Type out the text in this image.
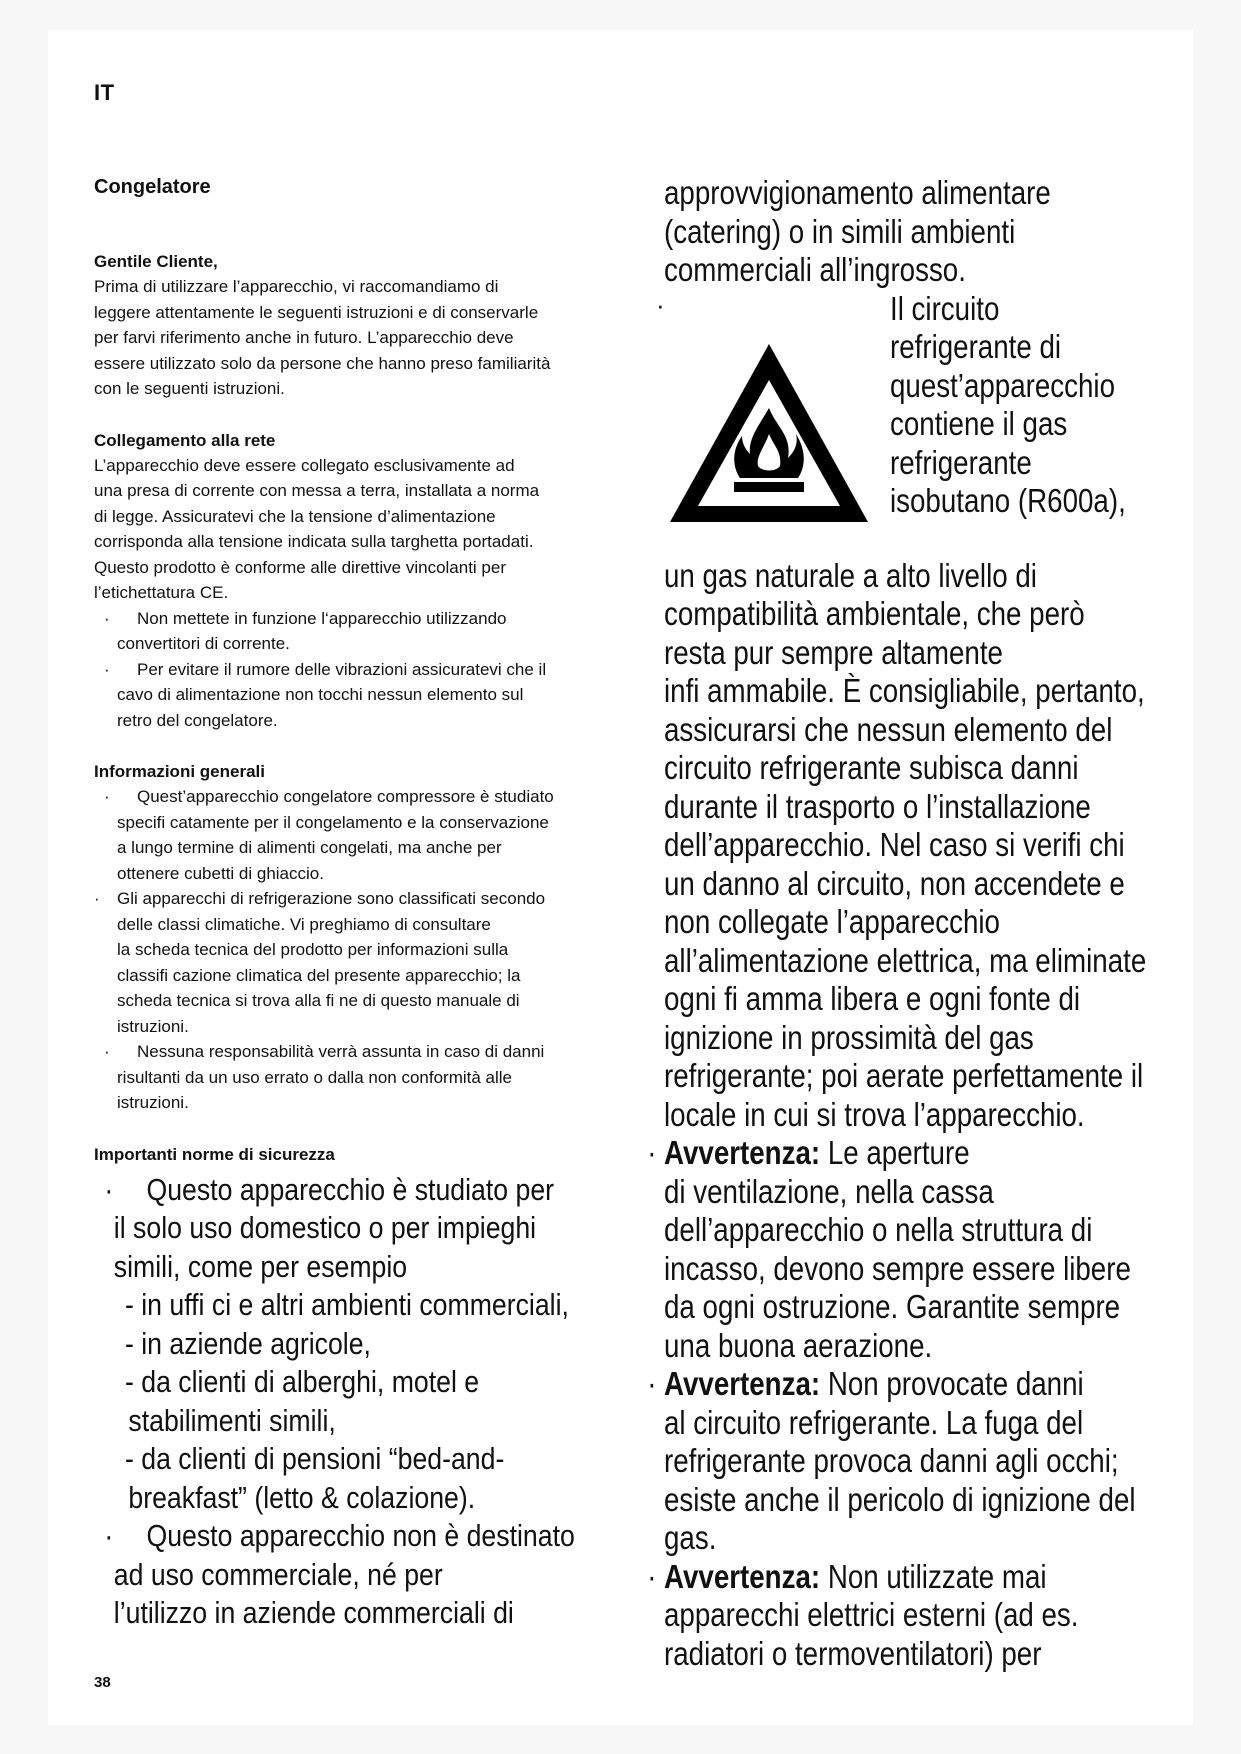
IT
Congelatore
Gentile Cliente,
Prima di utilizzare l’apparecchio, vi raccomandiamo di
leggere attentamente le seguenti istruzioni e di conservarle
per farvi riferimento anche in futuro. L’apparecchio deve
essere utilizzato solo da persone che hanno preso familiarità
con le seguenti istruzioni.
Collegamento alla rete
L’apparecchio deve essere collegato esclusivamente ad
una presa di corrente con messa a terra, installata a norma
di legge. Assicuratevi che la tensione d’alimentazione
corrisponda alla tensione indicata sulla targhetta portadati.
Questo prodotto è conforme alle direttive vincolanti per
l’etichettatura CE.
·	Non mettete in funzione l‘apparecchio utilizzando
convertitori di corrente.
·	Per evitare il rumore delle vibrazioni assicuratevi che il
cavo di alimentazione non tocchi nessun elemento sul
retro del congelatore.
Informazioni generali
·	Quest’apparecchio congelatore compressore è studiato
specifi catamente per il congelamento e la conservazione
a lungo termine di alimenti congelati, ma anche per
ottenere cubetti di ghiaccio.
· Gli apparecchi di refrigerazione sono classificati secondo
delle classi climatiche. Vi preghiamo di consultare
la scheda tecnica del prodotto per informazioni sulla
classifi cazione climatica del presente apparecchio; la
scheda tecnica si trova alla fi ne di questo manuale di
istruzioni.
·	Nessuna responsabilità verrà assunta in caso di danni
risultanti da un uso errato o dalla non conformità alle
istruzioni.
Importanti norme di sicurezza
·	Questo apparecchio è studiato per
il solo uso domestico o per impieghi
simili, come per esempio
- in uffi ci e altri ambienti commerciali,
- in aziende agricole,
- da clienti di alberghi, motel e
stabilimenti simili,
- da clienti di pensioni “bed-and-
breakfast” (letto & colazione).
·	Questo apparecchio non è destinato
ad uso commerciale, né per
l’utilizzo in aziende commerciali di
approvvigionamento alimentare
(catering) o in simili ambienti
commerciali all’ingrosso.
·	Il circuito
refrigerante di
quest’apparecchio
contiene il gas
refrigerante
isobutano (R600a),
un gas naturale a alto livello di
compatibilità ambientale, che però
resta pur sempre altamente
infi ammabile. È consigliabile, pertanto,
assicurarsi che nessun elemento del
circuito refrigerante subisca danni
durante il trasporto o l’installazione
dell’apparecchio. Nel caso si verifi chi
un danno al circuito, non accendete e
non collegate l’apparecchio
all’alimentazione elettrica, ma eliminate
ogni fi amma libera e ogni fonte di
ignizione in prossimità del gas
refrigerante; poi aerate perfettamente il
locale in cui si trova l’apparecchio.
· Avvertenza: Le aperture
di ventilazione, nella cassa
dell’apparecchio o nella struttura di
incasso, devono sempre essere libere
da ogni ostruzione. Garantite sempre
una buona aerazione.
· Avvertenza: Non provocate danni
al circuito refrigerante. La fuga del
refrigerante provoca danni agli occhi;
esiste anche il pericolo di ignizione del
gas.
· Avvertenza: Non utilizzate mai
apparecchi elettrici esterni (ad es.
radiatori o termoventilatori) per
38
